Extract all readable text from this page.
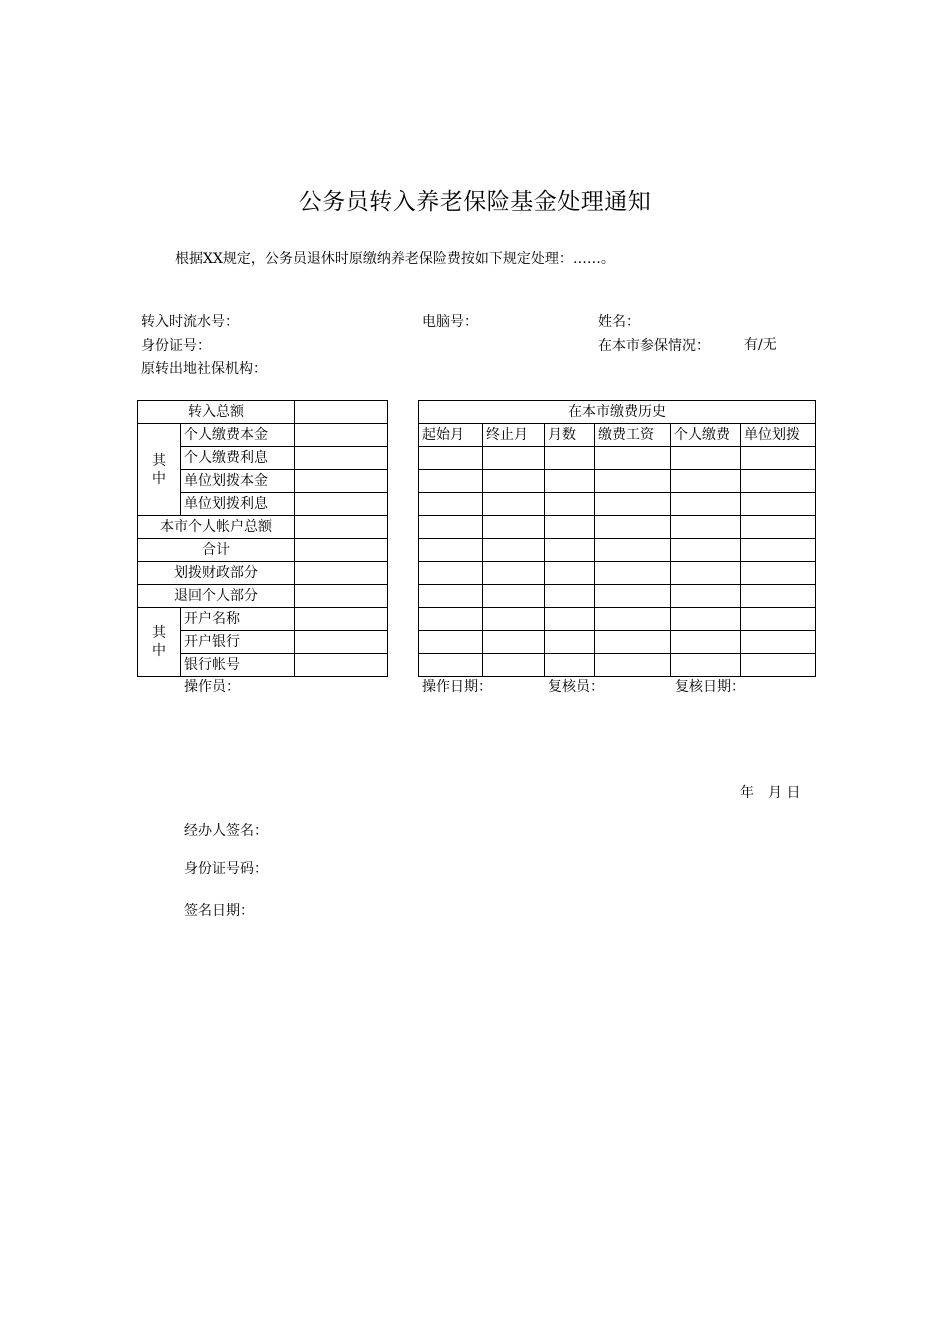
公务员转入养老保险基金处理通知
根据XX规定，公务员退休时原缴纳养老保险费按如下规定处理：……。
转入时流水号：	电脑号：	姓名：
身份证号：	在本市参保情况： 有/无
原转出地社保机构：
转入总额		

其
中	个人缴费本金	
	个人缴费利息	
	单位划拨本金	
	单位划拨利息	
本市个人帐户总额		
合计		
划拨财政部分		
退回个人部分		

其
中	开户名称	
	开户银行	
	银行帐号	
在本市缴费历史					
起始月	终止月	月数	缴费工资	个人缴费	单位划拨

操作员：	操作日期：	复核员：	复核日期：
年　月 日
经办人签名：
身份证号码：
签名日期：
